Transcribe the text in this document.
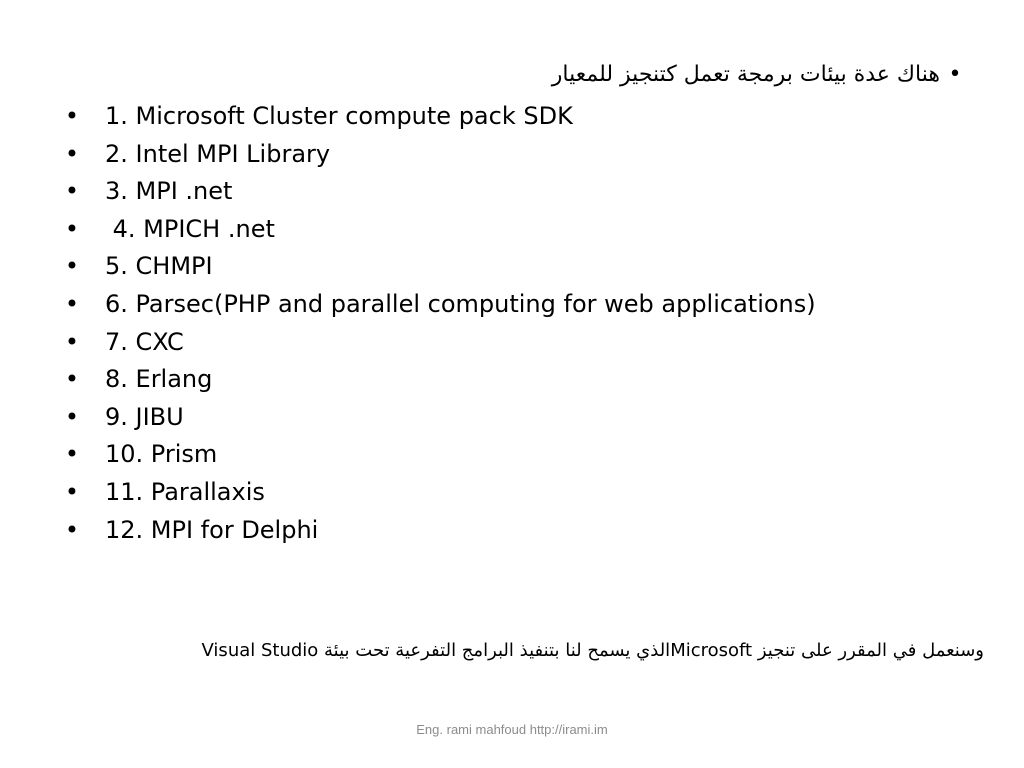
•هناك عدة بيئات برمجة تعمل كتنجيز للمعيار
• 1. Microsoft Cluster compute pack SDK
• 2. Intel MPI Library
• 3. MPI .net
• 4. MPICH .net
• 5. CHMPI
• 6. Parsec(PHP and parallel computing for web applications)
• 7. CXC
• 8. Erlang
• 9. JIBU
• 10. Prism
• 11. Parallaxis
• 12. MPI for Delphi
وسنعمل في المقرر على تنجيز Microsoftالذي يسمح لنا بتنفيذ البرامج التفرعية تحت بيئة Visual Studio
Eng. rami mahfoud http://irami.im
